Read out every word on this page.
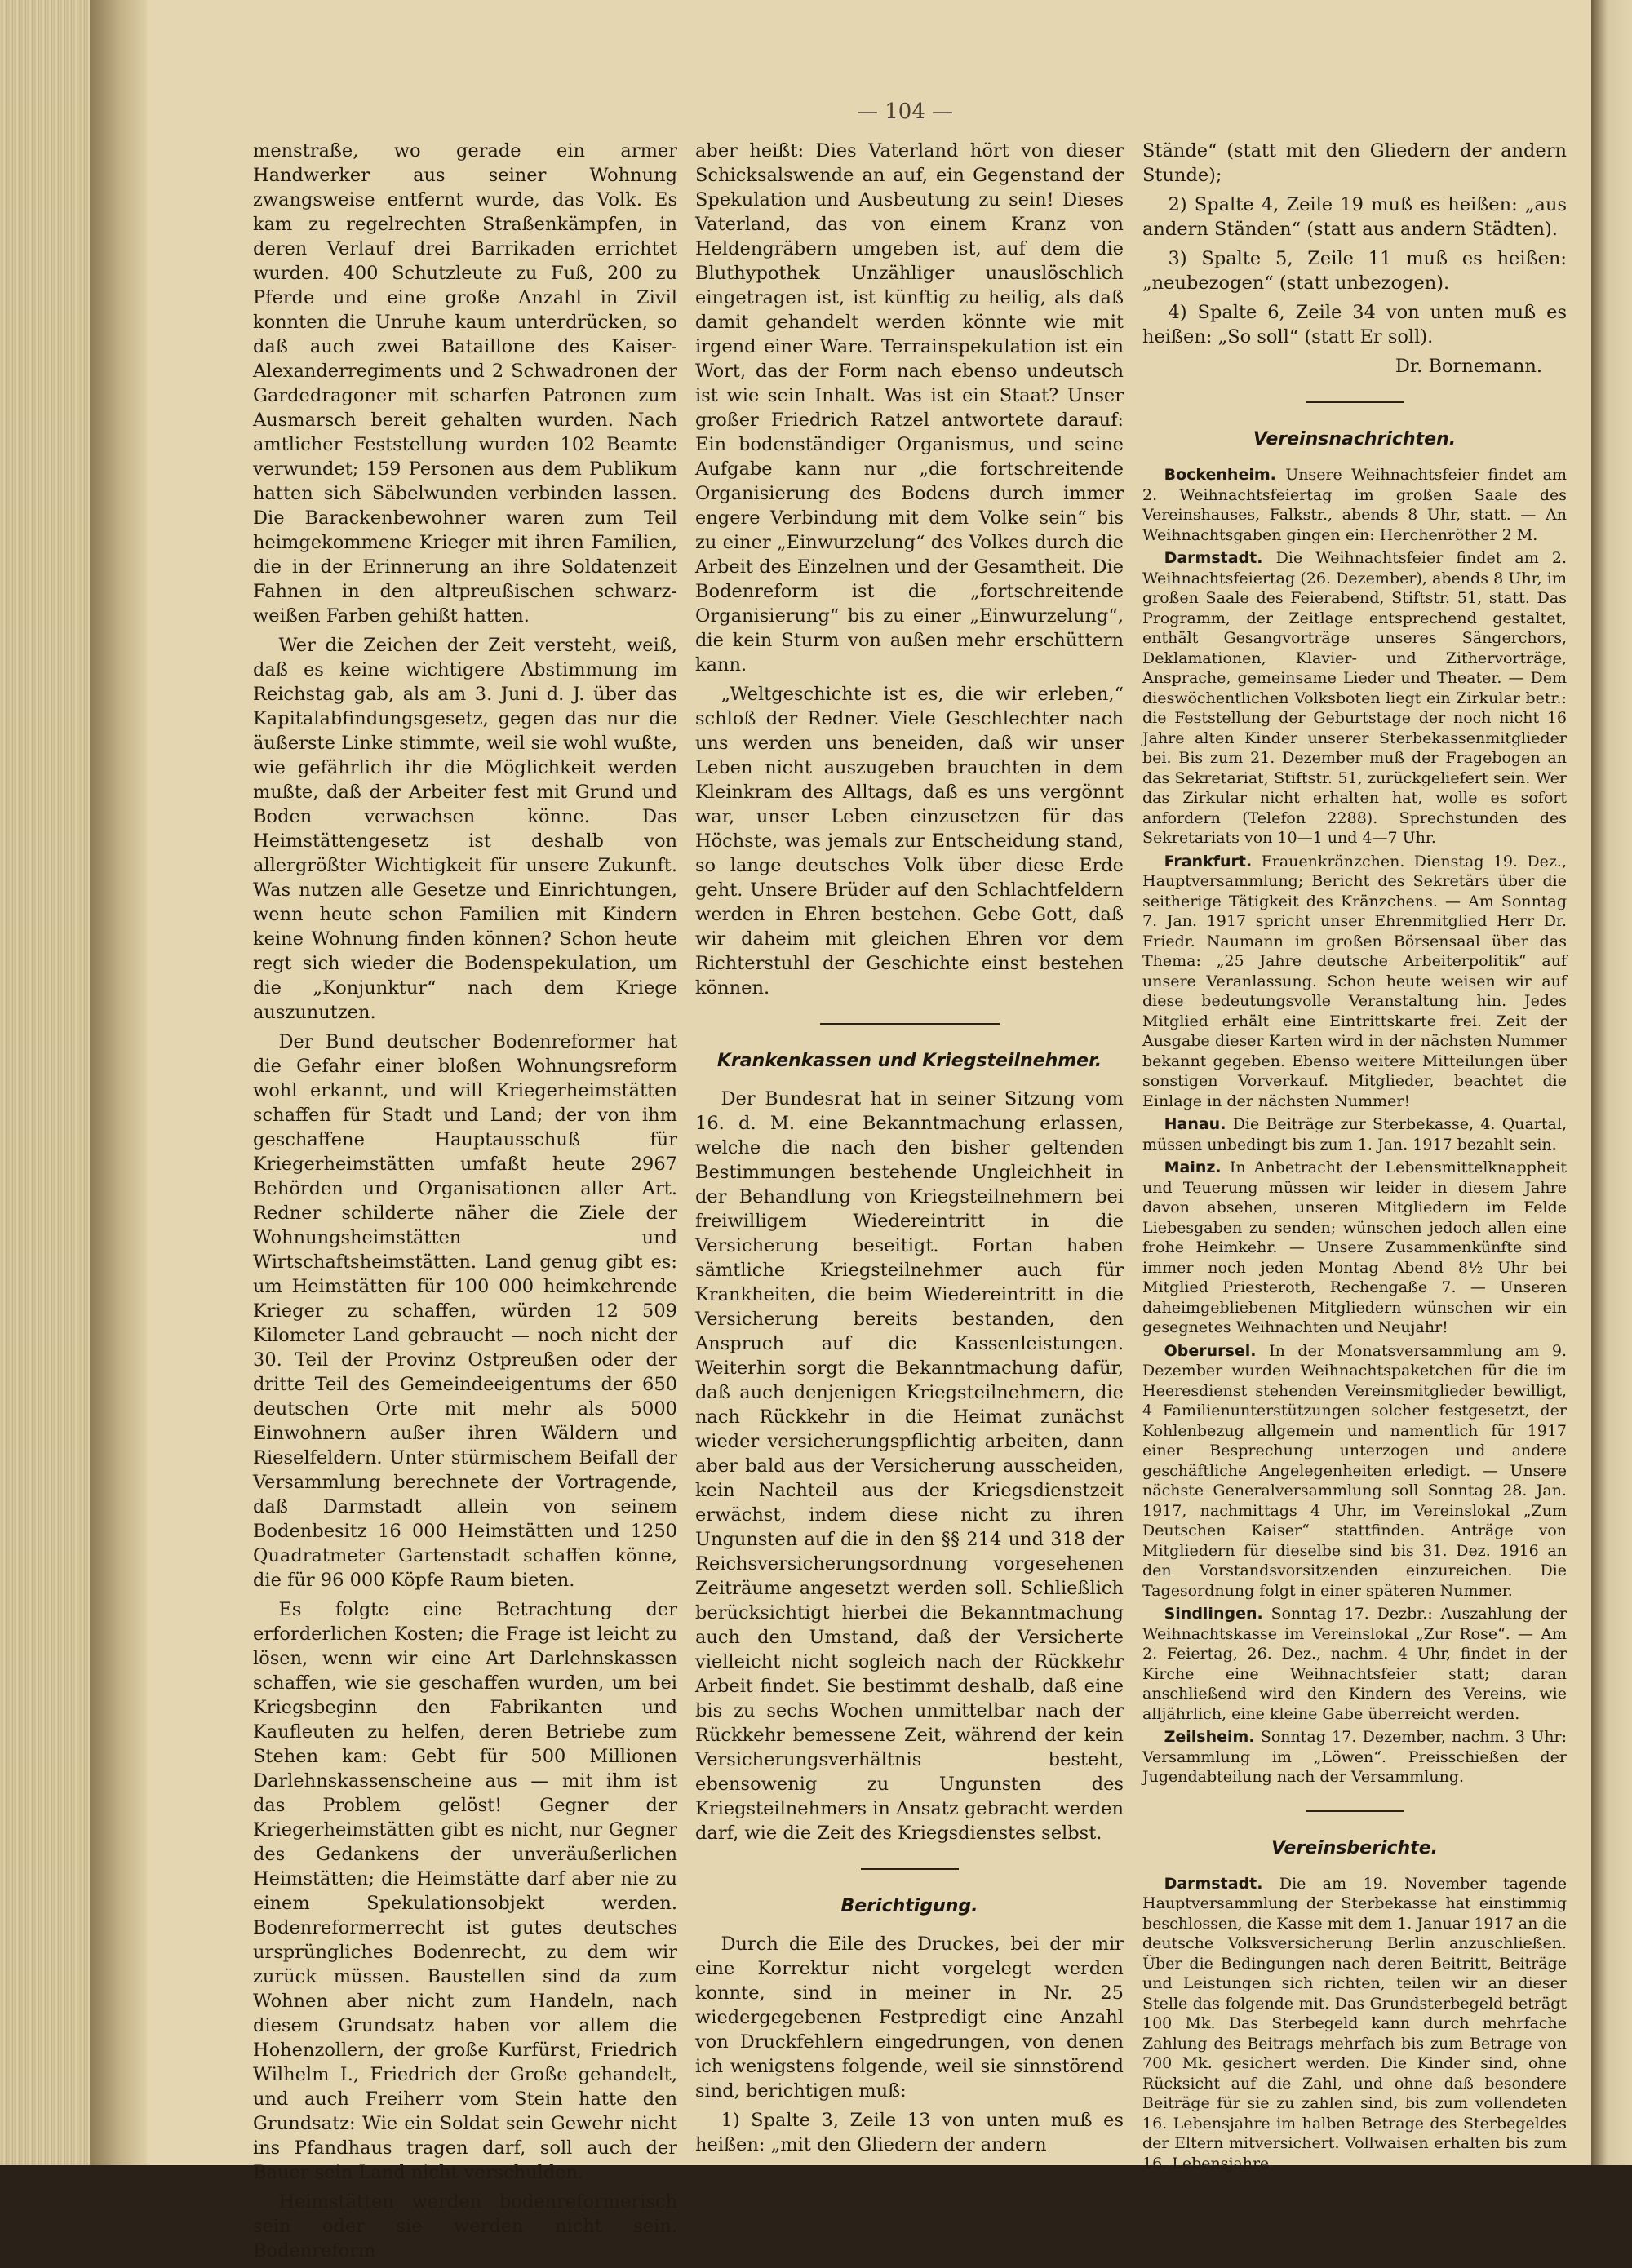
— 104 —

menstraße, wo gerade ein armer Handwerker aus seiner Wohnung zwangsweise entfernt wurde, das Volk. Es kam zu regelrechten Straßenkämpfen, in deren Verlauf drei Barrikaden errichtet wurden. 400 Schutzleute zu Fuß, 200 zu Pferde und eine große Anzahl in Zivil konnten die Unruhe kaum unterdrücken, so daß auch zwei Bataillone des Kaiser-Alexanderregiments und 2 Schwadronen der Gardedragoner mit scharfen Patronen zum Ausmarsch bereit gehalten wurden. Nach amtlicher Feststellung wurden 102 Beamte verwundet; 159 Personen aus dem Publikum hatten sich Säbelwunden verbinden lassen. Die Barackenbewohner waren zum Teil heimgekommene Krieger mit ihren Familien, die in der Erinnerung an ihre Soldatenzeit Fahnen in den altpreußischen schwarz-weißen Farben gehißt hatten.

Wer die Zeichen der Zeit versteht, weiß, daß es keine wichtigere Abstimmung im Reichstag gab, als am 3. Juni d. J. über das Kapitalabfindungsgesetz, gegen das nur die äußerste Linke stimmte, weil sie wohl wußte, wie gefährlich ihr die Möglichkeit werden mußte, daß der Arbeiter fest mit Grund und Boden verwachsen könne. Das Heimstättengesetz ist deshalb von allergrößter Wichtigkeit für unsere Zukunft. Was nutzen alle Gesetze und Einrichtungen, wenn heute schon Familien mit Kindern keine Wohnung finden können? Schon heute regt sich wieder die Bodenspekulation, um die „Konjunktur“ nach dem Kriege auszunutzen.

Der Bund deutscher Bodenreformer hat die Gefahr einer bloßen Wohnungsreform wohl erkannt, und will Kriegerheimstätten schaffen für Stadt und Land; der von ihm geschaffene Hauptausschuß für Kriegerheimstätten umfaßt heute 2967 Behörden und Organisationen aller Art. Redner schilderte näher die Ziele der Wohnungsheimstätten und Wirtschaftsheimstätten. Land genug gibt es: um Heimstätten für 100 000 heimkehrende Krieger zu schaffen, würden 12 509 Kilometer Land gebraucht — noch nicht der 30. Teil der Provinz Ostpreußen oder der dritte Teil des Gemeindeeigentums der 650 deutschen Orte mit mehr als 5000 Einwohnern außer ihren Wäldern und Rieselfeldern. Unter stürmischem Beifall der Versammlung berechnete der Vortragende, daß Darmstadt allein von seinem Bodenbesitz 16 000 Heimstätten und 1250 Quadratmeter Gartenstadt schaffen könne, die für 96 000 Köpfe Raum bieten.

Es folgte eine Betrachtung der erforderlichen Kosten; die Frage ist leicht zu lösen, wenn wir eine Art Darlehnskassen schaffen, wie sie geschaffen wurden, um bei Kriegsbeginn den Fabrikanten und Kaufleuten zu helfen, deren Betriebe zum Stehen kam: Gebt für 500 Millionen Darlehnskassenscheine aus — mit ihm ist das Problem gelöst! Gegner der Kriegerheimstätten gibt es nicht, nur Gegner des Gedankens der unveräußerlichen Heimstätten; die Heimstätte darf aber nie zu einem Spekulationsobjekt werden. Bodenreformerrecht ist gutes deutsches ursprüngliches Bodenrecht, zu dem wir zurück müssen. Baustellen sind da zum Wohnen aber nicht zum Handeln, nach diesem Grundsatz haben vor allem die Hohenzollern, der große Kurfürst, Friedrich Wilhelm I., Friedrich der Große gehandelt, und auch Freiherr vom Stein hatte den Grundsatz: Wie ein Soldat sein Gewehr nicht ins Pfandhaus tragen darf, soll auch der Bauer sein Land nicht verschulden.

Heimstätten werden bodenreformerisch sein oder sie werden nicht sein. Bodenreform

aber heißt: Dies Vaterland hört von dieser Schicksalswende an auf, ein Gegenstand der Spekulation und Ausbeutung zu sein! Dieses Vaterland, das von einem Kranz von Heldengräbern umgeben ist, auf dem die Bluthypothek Unzähliger unauslöschlich eingetragen ist, ist künftig zu heilig, als daß damit gehandelt werden könnte wie mit irgend einer Ware. Terrainspekulation ist ein Wort, das der Form nach ebenso undeutsch ist wie sein Inhalt. Was ist ein Staat? Unser großer Friedrich Ratzel antwortete darauf: Ein bodenständiger Organismus, und seine Aufgabe kann nur „die fortschreitende Organisierung des Bodens durch immer engere Verbindung mit dem Volke sein“ bis zu einer „Einwurzelung“ des Volkes durch die Arbeit des Einzelnen und der Gesamtheit. Die Bodenreform ist die „fortschreitende Organisierung“ bis zu einer „Einwurzelung“, die kein Sturm von außen mehr erschüttern kann.

„Weltgeschichte ist es, die wir erleben,“ schloß der Redner. Viele Geschlechter nach uns werden uns beneiden, daß wir unser Leben nicht auszugeben brauchten in dem Kleinkram des Alltags, daß es uns vergönnt war, unser Leben einzusetzen für das Höchste, was jemals zur Entscheidung stand, so lange deutsches Volk über diese Erde geht. Unsere Brüder auf den Schlachtfeldern werden in Ehren bestehen. Gebe Gott, daß wir daheim mit gleichen Ehren vor dem Richterstuhl der Geschichte einst bestehen können.

Krankenkassen und Kriegsteilnehmer.

Der Bundesrat hat in seiner Sitzung vom 16. d. M. eine Bekanntmachung erlassen, welche die nach den bisher geltenden Bestimmungen bestehende Ungleichheit in der Behandlung von Kriegsteilnehmern bei freiwilligem Wiedereintritt in die Versicherung beseitigt. Fortan haben sämtliche Kriegsteilnehmer auch für Krankheiten, die beim Wiedereintritt in die Versicherung bereits bestanden, den Anspruch auf die Kassenleistungen. Weiterhin sorgt die Bekanntmachung dafür, daß auch denjenigen Kriegsteilnehmern, die nach Rückkehr in die Heimat zunächst wieder versicherungspflichtig arbeiten, dann aber bald aus der Versicherung ausscheiden, kein Nachteil aus der Kriegsdienstzeit erwächst, indem diese nicht zu ihren Ungunsten auf die in den §§ 214 und 318 der Reichsversicherungsordnung vorgesehenen Zeiträume angesetzt werden soll. Schließlich berücksichtigt hierbei die Bekanntmachung auch den Umstand, daß der Versicherte vielleicht nicht sogleich nach der Rückkehr Arbeit findet. Sie bestimmt deshalb, daß eine bis zu sechs Wochen unmittelbar nach der Rückkehr bemessene Zeit, während der kein Versicherungsverhältnis besteht, ebensowenig zu Ungunsten des Kriegsteilnehmers in Ansatz gebracht werden darf, wie die Zeit des Kriegsdienstes selbst.

Berichtigung.

Durch die Eile des Druckes, bei der mir eine Korrektur nicht vorgelegt werden konnte, sind in meiner in Nr. 25 wiedergegebenen Festpredigt eine Anzahl von Druckfehlern eingedrungen, von denen ich wenigstens folgende, weil sie sinnstörend sind, berichtigen muß:

1) Spalte 3, Zeile 13 von unten muß es heißen: „mit den Gliedern der andern

Stände“ (statt mit den Gliedern der andern Stunde);

2) Spalte 4, Zeile 19 muß es heißen: „aus andern Ständen“ (statt aus andern Städten).

3) Spalte 5, Zeile 11 muß es heißen: „neubezogen“ (statt unbezogen).

4) Spalte 6, Zeile 34 von unten muß es heißen: „So soll“ (statt Er soll).

Dr. Bornemann.

Vereinsnachrichten.

Bockenheim. Unsere Weihnachtsfeier findet am 2. Weihnachtsfeiertag im großen Saale des Vereinshauses, Falkstr., abends 8 Uhr, statt. — An Weihnachtsgaben gingen ein: Herchenröther 2 M.

Darmstadt. Die Weihnachtsfeier findet am 2. Weihnachtsfeiertag (26. Dezember), abends 8 Uhr, im großen Saale des Feierabend, Stiftstr. 51, statt. Das Programm, der Zeitlage entsprechend gestaltet, enthält Gesangvorträge unseres Sängerchors, Deklamationen, Klavier- und Zithervorträge, Ansprache, gemeinsame Lieder und Theater. — Dem dieswöchentlichen Volksboten liegt ein Zirkular betr.: die Feststellung der Geburtstage der noch nicht 16 Jahre alten Kinder unserer Sterbekassenmitglieder bei. Bis zum 21. Dezember muß der Fragebogen an das Sekretariat, Stiftstr. 51, zurückgeliefert sein. Wer das Zirkular nicht erhalten hat, wolle es sofort anfordern (Telefon 2288). Sprechstunden des Sekretariats von 10—1 und 4—7 Uhr.

Frankfurt. Frauenkränzchen. Dienstag 19. Dez., Hauptversammlung; Bericht des Sekretärs über die seitherige Tätigkeit des Kränzchens. — Am Sonntag 7. Jan. 1917 spricht unser Ehrenmitglied Herr Dr. Friedr. Naumann im großen Börsensaal über das Thema: „25 Jahre deutsche Arbeiterpolitik“ auf unsere Veranlassung. Schon heute weisen wir auf diese bedeutungsvolle Veranstaltung hin. Jedes Mitglied erhält eine Eintrittskarte frei. Zeit der Ausgabe dieser Karten wird in der nächsten Nummer bekannt gegeben. Ebenso weitere Mitteilungen über sonstigen Vorverkauf. Mitglieder, beachtet die Einlage in der nächsten Nummer!

Hanau. Die Beiträge zur Sterbekasse, 4. Quartal, müssen unbedingt bis zum 1. Jan. 1917 bezahlt sein.

Mainz. In Anbetracht der Lebensmittelknappheit und Teuerung müssen wir leider in diesem Jahre davon absehen, unseren Mitgliedern im Felde Liebesgaben zu senden; wünschen jedoch allen eine frohe Heimkehr. — Unsere Zusammenkünfte sind immer noch jeden Montag Abend 8½ Uhr bei Mitglied Priesteroth, Rechengaße 7. — Unseren daheimgebliebenen Mitgliedern wünschen wir ein gesegnetes Weihnachten und Neujahr!

Oberursel. In der Monatsversammlung am 9. Dezember wurden Weihnachtspaketchen für die im Heeresdienst stehenden Vereinsmitglieder bewilligt, 4 Familienunterstützungen solcher festgesetzt, der Kohlenbezug allgemein und namentlich für 1917 einer Besprechung unterzogen und andere geschäftliche Angelegenheiten erledigt. — Unsere nächste Generalversammlung soll Sonntag 28. Jan. 1917, nachmittags 4 Uhr, im Vereinslokal „Zum Deutschen Kaiser“ stattfinden. Anträge von Mitgliedern für dieselbe sind bis 31. Dez. 1916 an den Vorstandsvorsitzenden einzureichen. Die Tagesordnung folgt in einer späteren Nummer.

Sindlingen. Sonntag 17. Dezbr.: Auszahlung der Weihnachtskasse im Vereinslokal „Zur Rose“. — Am 2. Feiertag, 26. Dez., nachm. 4 Uhr, findet in der Kirche eine Weihnachtsfeier statt; daran anschließend wird den Kindern des Vereins, wie alljährlich, eine kleine Gabe überreicht werden.

Zeilsheim. Sonntag 17. Dezember, nachm. 3 Uhr: Versammlung im „Löwen“. Preisschießen der Jugendabteilung nach der Versammlung.

Vereinsberichte.

Darmstadt. Die am 19. November tagende Hauptversammlung der Sterbekasse hat einstimmig beschlossen, die Kasse mit dem 1. Januar 1917 an die deutsche Volksversicherung Berlin anzuschließen. Über die Bedingungen nach deren Beitritt, Beiträge und Leistungen sich richten, teilen wir an dieser Stelle das folgende mit. Das Grundsterbegeld beträgt 100 Mk. Das Sterbegeld kann durch mehrfache Zahlung des Beitrags mehrfach bis zum Betrage von 700 Mk. gesichert werden. Die Kinder sind, ohne Rücksicht auf die Zahl, und ohne daß besondere Beiträge für sie zu zahlen sind, bis zum vollendeten 16. Lebensjahre im halben Betrage des Sterbegeldes der Eltern mitversichert. Vollwaisen erhalten bis zum 16. Lebensjahre
